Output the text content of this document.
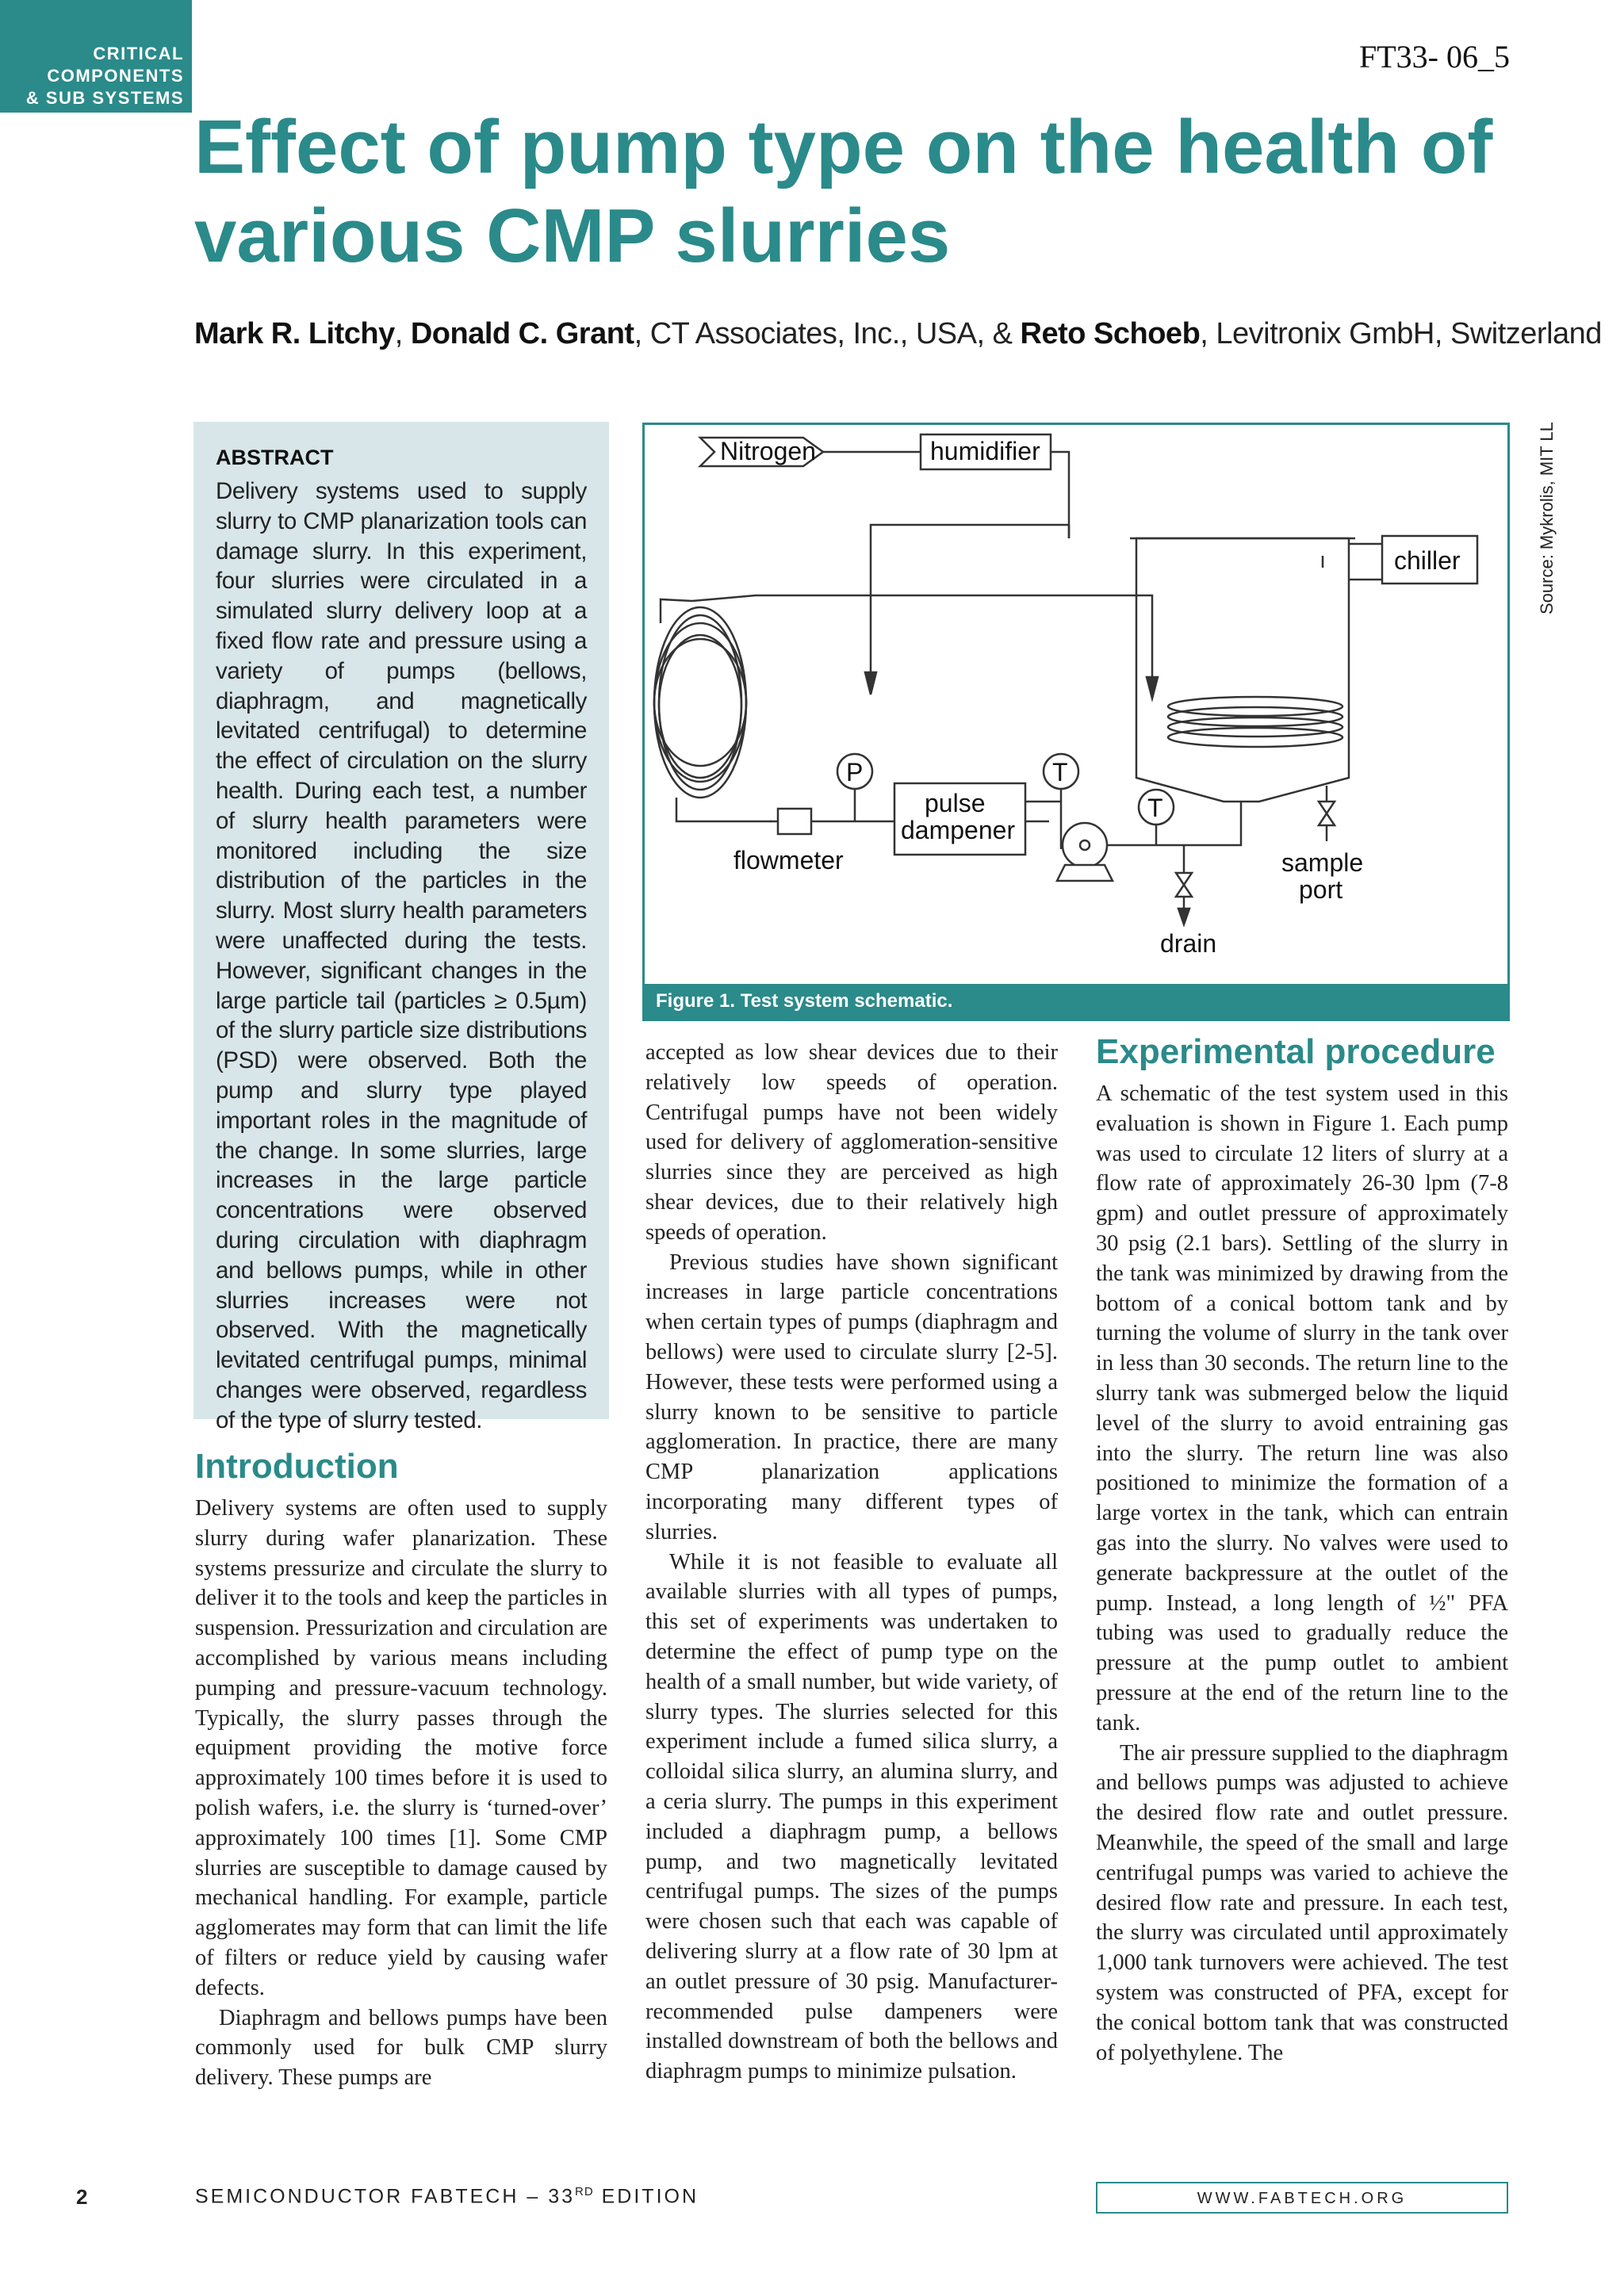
CRITICAL
COMPONENTS
& SUB SYSTEMS
FT33- 06_5
Effect of pump type on the health of
various CMP slurries
Mark R. Litchy, Donald C. Grant, CT Associates, Inc., USA, & Reto Schoeb, Levitronix GmbH, Switzerland
ABSTRACT

Delivery systems used to supply slurry to CMP planarization tools can damage slurry. In this experiment, four slurries were circulated in a simulated slurry delivery loop at a fixed flow rate and pressure using a variety of pumps (bellows, diaphragm, and magnetically levitated centrifugal) to determine the effect of circulation on the slurry health. During each test, a number of slurry health parameters were monitored including the size distribution of the particles in the slurry. Most slurry health parameters were unaffected during the tests. However, significant changes in the large particle tail (particles ≥ 0.5µm) of the slurry particle size distributions (PSD) were observed. Both the pump and slurry type played important roles in the magnitude of the change. In some slurries, large increases in the large particle concentrations were observed during circulation with diaphragm and bellows pumps, while in other slurries increases were not observed. With the magnetically levitated centrifugal pumps, minimal changes were observed, regardless of the type of slurry tested.

Nitrogen	humidifier
chiller
P	T
T
pulse
dampener
flowmeter	sample
port
drain
Figure 1. Test system schematic.
Source: Mykrolis, MIT LL
Introduction

Delivery systems are often used to supply slurry during wafer planarization. These systems pressurize and circulate the slurry to deliver it to the tools and keep the particles in suspension. Pressurization and circulation are accomplished by various means including pumping and pressure-vacuum technology. Typically, the slurry passes through the equipment providing the motive force approximately 100 times before it is used to polish wafers, i.e. the slurry is ‘turned-over’ approximately 100 times [1]. Some CMP slurries are susceptible to damage caused by mechanical handling. For example, particle agglomerates may form that can limit the life of filters or reduce yield by causing wafer defects.

Diaphragm and bellows pumps have been commonly used for bulk CMP slurry delivery. These pumps are

accepted as low shear devices due to their relatively low speeds of operation. Centrifugal pumps have not been widely used for delivery of agglomeration-sensitive slurries since they are perceived as high shear devices, due to their relatively high speeds of operation.

Previous studies have shown significant increases in large particle concentrations when certain types of pumps (diaphragm and bellows) were used to circulate slurry [2-5]. However, these tests were performed using a slurry known to be sensitive to particle agglomeration. In practice, there are many CMP planarization applications incorporating many different types of slurries.

While it is not feasible to evaluate all available slurries with all types of pumps, this set of experiments was undertaken to determine the effect of pump type on the health of a small number, but wide variety, of slurry types. The slurries selected for this experiment include a fumed silica slurry, a colloidal silica slurry, an alumina slurry, and a ceria slurry. The pumps in this experiment included a diaphragm pump, a bellows pump, and two magnetically levitated centrifugal pumps. The sizes of the pumps were chosen such that each was capable of delivering slurry at a flow rate of 30 lpm at an outlet pressure of 30 psig. Manufacturer-recommended pulse dampeners were installed downstream of both the bellows and diaphragm pumps to minimize pulsation.

Experimental procedure

A schematic of the test system used in this evaluation is shown in Figure 1. Each pump was used to circulate 12 liters of slurry at a flow rate of approximately 26-30 lpm (7-8 gpm) and outlet pressure of approximately 30 psig (2.1 bars). Settling of the slurry in the tank was minimized by drawing from the bottom of a conical bottom tank and by turning the volume of slurry in the tank over in less than 30 seconds. The return line to the slurry tank was submerged below the liquid level of the slurry to avoid entraining gas into the slurry. The return line was also positioned to minimize the formation of a large vortex in the tank, which can entrain gas into the slurry. No valves were used to generate backpressure at the outlet of the pump. Instead, a long length of ½" PFA tubing was used to gradually reduce the pressure at the pump outlet to ambient pressure at the end of the return line to the tank.

The air pressure supplied to the diaphragm and bellows pumps was adjusted to achieve the desired flow rate and outlet pressure. Meanwhile, the speed of the small and large centrifugal pumps was varied to achieve the desired flow rate and pressure. In each test, the slurry was circulated until approximately 1,000 tank turnovers were achieved. The test system was constructed of PFA, except for the conical bottom tank that was constructed of polyethylene. The

2	SEMICONDUCTOR FABTECH – 33RD EDITION	WWW.FABTECH.ORG
